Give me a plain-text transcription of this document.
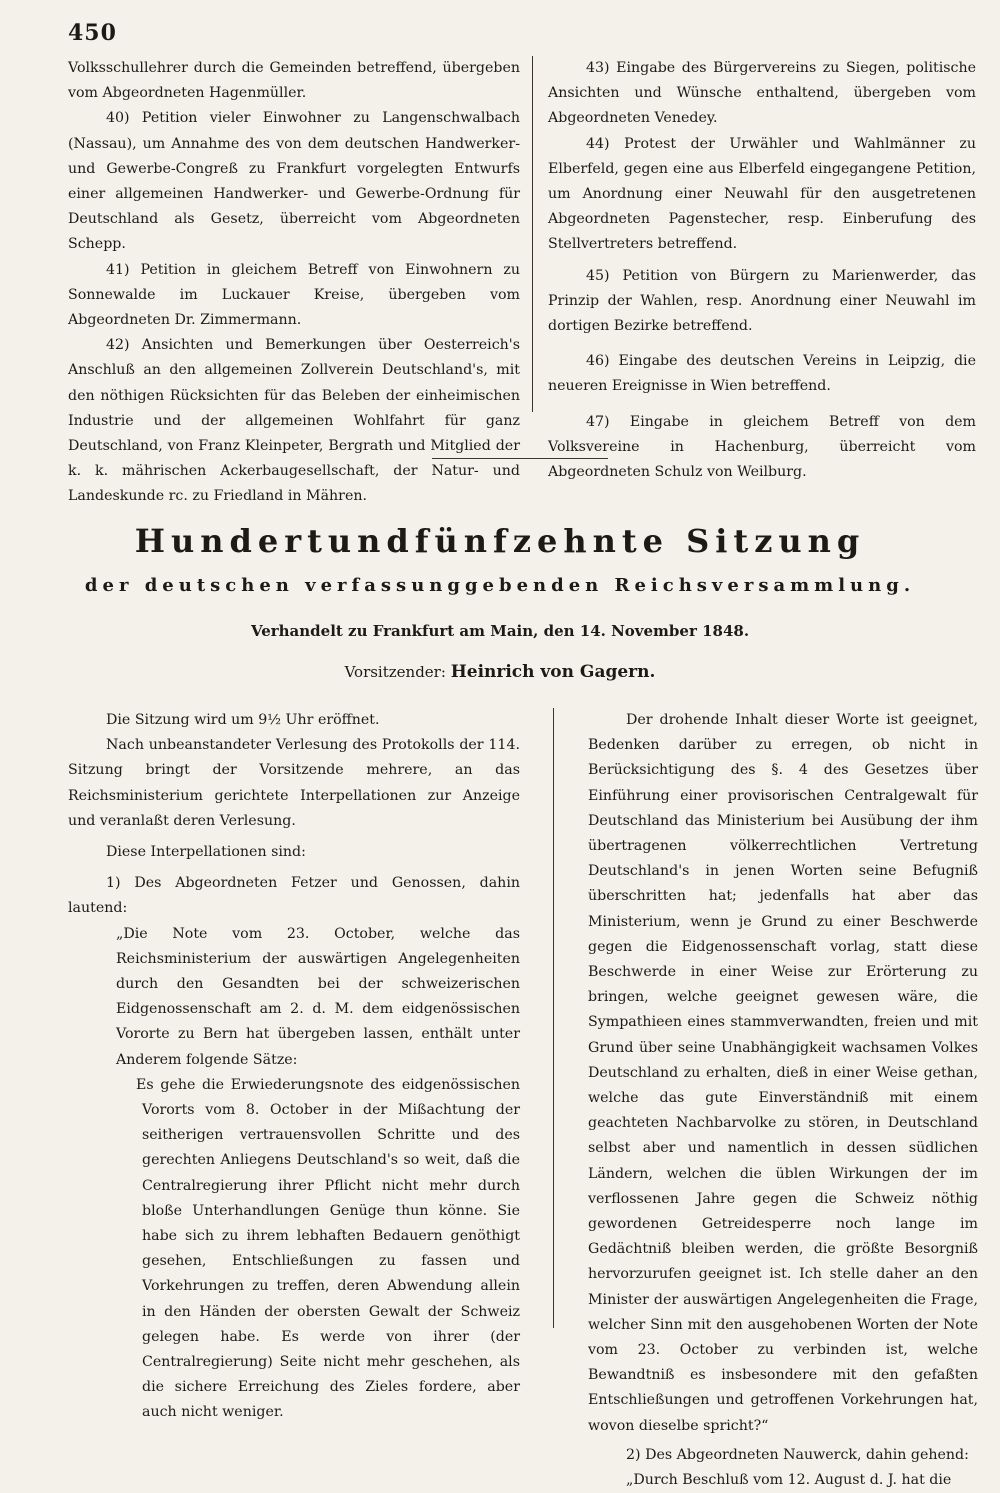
450

Volksschullehrer durch die Gemeinden betreffend, übergeben vom Abgeordneten Hagenmüller.

40) Petition vieler Einwohner zu Langenschwalbach (Nassau), um Annahme des von dem deutschen Handwerker- und Gewerbe-Congreß zu Frankfurt vorgelegten Entwurfs einer allgemeinen Handwerker- und Gewerbe-Ordnung für Deutschland als Gesetz, überreicht vom Abgeordneten Schepp.

41) Petition in gleichem Betreff von Einwohnern zu Sonnewalde im Luckauer Kreise, übergeben vom Abgeordneten Dr. Zimmermann.

42) Ansichten und Bemerkungen über Oesterreich's Anschluß an den allgemeinen Zollverein Deutschland's, mit den nöthigen Rücksichten für das Beleben der einheimischen Industrie und der allgemeinen Wohlfahrt für ganz Deutschland, von Franz Kleinpeter, Bergrath und Mitglied der k. k. mährischen Ackerbaugesellschaft, der Natur- und Landeskunde rc. zu Friedland in Mähren.

43) Eingabe des Bürgervereins zu Siegen, politische Ansichten und Wünsche enthaltend, übergeben vom Abgeordneten Venedey.

44) Protest der Urwähler und Wahlmänner zu Elberfeld, gegen eine aus Elberfeld eingegangene Petition, um Anordnung einer Neuwahl für den ausgetretenen Abgeordneten Pagenstecher, resp. Einberufung des Stellvertreters betreffend.

45) Petition von Bürgern zu Marienwerder, das Prinzip der Wahlen, resp. Anordnung einer Neuwahl im dortigen Bezirke betreffend.

46) Eingabe des deutschen Vereins in Leipzig, die neueren Ereignisse in Wien betreffend.

47) Eingabe in gleichem Betreff von dem Volksvereine in Hachenburg, überreicht vom Abgeordneten Schulz von Weilburg.

Hundertundfünfzehnte Sitzung
der deutschen verfassunggebenden Reichsversammlung.
Verhandelt zu Frankfurt am Main, den 14. November 1848.
Vorsitzender: Heinrich von Gagern.

Die Sitzung wird um 9½ Uhr eröffnet.

Nach unbeanstandeter Verlesung des Protokolls der 114. Sitzung bringt der Vorsitzende mehrere, an das Reichsministerium gerichtete Interpellationen zur Anzeige und veranlaßt deren Verlesung.

Diese Interpellationen sind:

1) Des Abgeordneten Fetzer und Genossen, dahin lautend:

„Die Note vom 23. October, welche das Reichsministerium der auswärtigen Angelegenheiten durch den Gesandten bei der schweizerischen Eidgenossenschaft am 2. d. M. dem eidgenössischen Vororte zu Bern hat übergeben lassen, enthält unter Anderem folgende Sätze:

Es gehe die Erwiederungsnote des eidgenössischen Vororts vom 8. October in der Mißachtung der seitherigen vertrauensvollen Schritte und des gerechten Anliegens Deutschland's so weit, daß die Centralregierung ihrer Pflicht nicht mehr durch bloße Unterhandlungen Genüge thun könne. Sie habe sich zu ihrem lebhaften Bedauern genöthigt gesehen, Entschließungen zu fassen und Vorkehrungen zu treffen, deren Abwendung allein in den Händen der obersten Gewalt der Schweiz gelegen habe. Es werde von ihrer (der Centralregierung) Seite nicht mehr geschehen, als die sichere Erreichung des Zieles fordere, aber auch nicht weniger.

Der drohende Inhalt dieser Worte ist geeignet, Bedenken darüber zu erregen, ob nicht in Berücksichtigung des §. 4 des Gesetzes über Einführung einer provisorischen Centralgewalt für Deutschland das Ministerium bei Ausübung der ihm übertragenen völkerrechtlichen Vertretung Deutschland's in jenen Worten seine Befugniß überschritten hat; jedenfalls hat aber das Ministerium, wenn je Grund zu einer Beschwerde gegen die Eidgenossenschaft vorlag, statt diese Beschwerde in einer Weise zur Erörterung zu bringen, welche geeignet gewesen wäre, die Sympathieen eines stammverwandten, freien und mit Grund über seine Unabhängigkeit wachsamen Volkes Deutschland zu erhalten, dieß in einer Weise gethan, welche das gute Einverständniß mit einem geachteten Nachbarvolke zu stören, in Deutschland selbst aber und namentlich in dessen südlichen Ländern, welchen die üblen Wirkungen der im verflossenen Jahre gegen die Schweiz nöthig gewordenen Getreidesperre noch lange im Gedächtniß bleiben werden, die größte Besorgniß hervorzurufen geeignet ist. Ich stelle daher an den Minister der auswärtigen Angelegenheiten die Frage, welcher Sinn mit den ausgehobenen Worten der Note vom 23. October zu verbinden ist, welche Bewandtniß es insbesondere mit den gefaßten Entschließungen und getroffenen Vorkehrungen hat, wovon dieselbe spricht?“

2) Des Abgeordneten Nauwerck, dahin gehend:

„Durch Beschluß vom 12. August d. J. hat die
